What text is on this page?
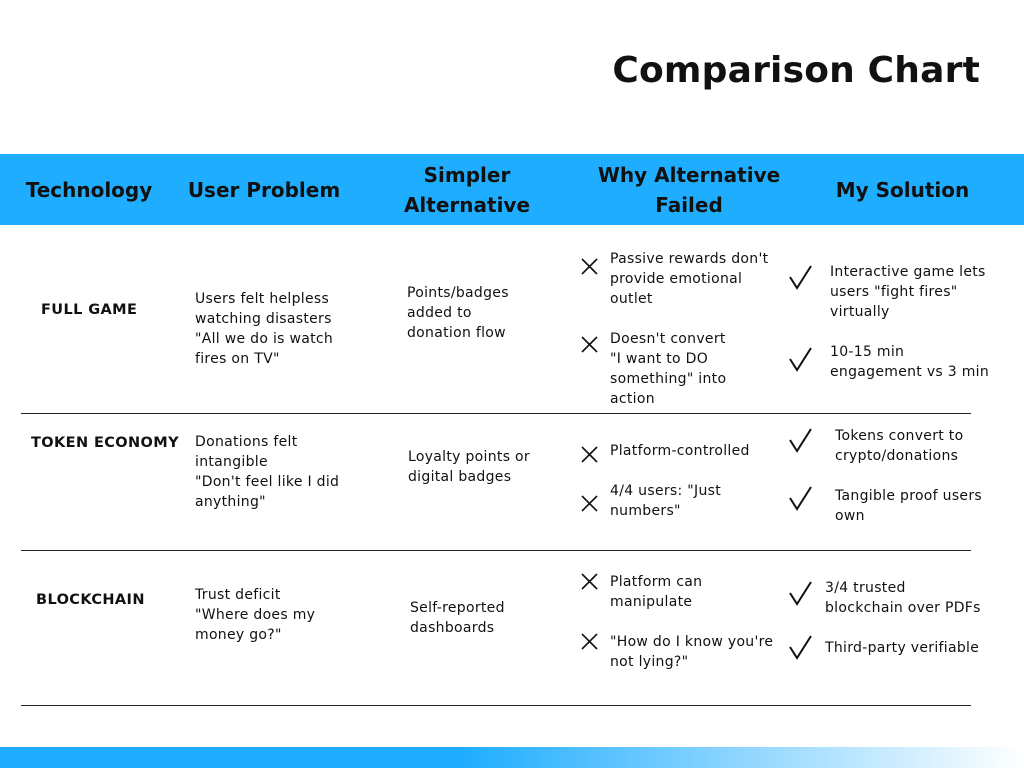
Comparison Chart
Technology	User Problem
Simpler
Alternative
Why Alternative
Failed
My Solution
FULL GAME
Users felt helpless
watching disasters
"All we do is watch
fires on TV"
Points/badges
added to
donation flow
Passive rewards don't
provide emotional
outlet
Doesn't convert
"I want to DO
something" into
action
Interactive game lets
users "fight fires"
virtually
10-15 min
engagement vs 3 min
TOKEN ECONOMY Donations felt
intangible
"Don't feel like I did
anything"
Loyalty points or
digital badges
Platform-controlled
4/4 users: "Just
numbers"
Tokens convert to
crypto/donations
Tangible proof users
own
BLOCKCHAIN	Trust deficit
"Where does my
money go?"
Self-reported
dashboards
Platform can
manipulate
"How do I know you're
not lying?"
3/4 trusted
blockchain over PDFs
Third-party verifiable
